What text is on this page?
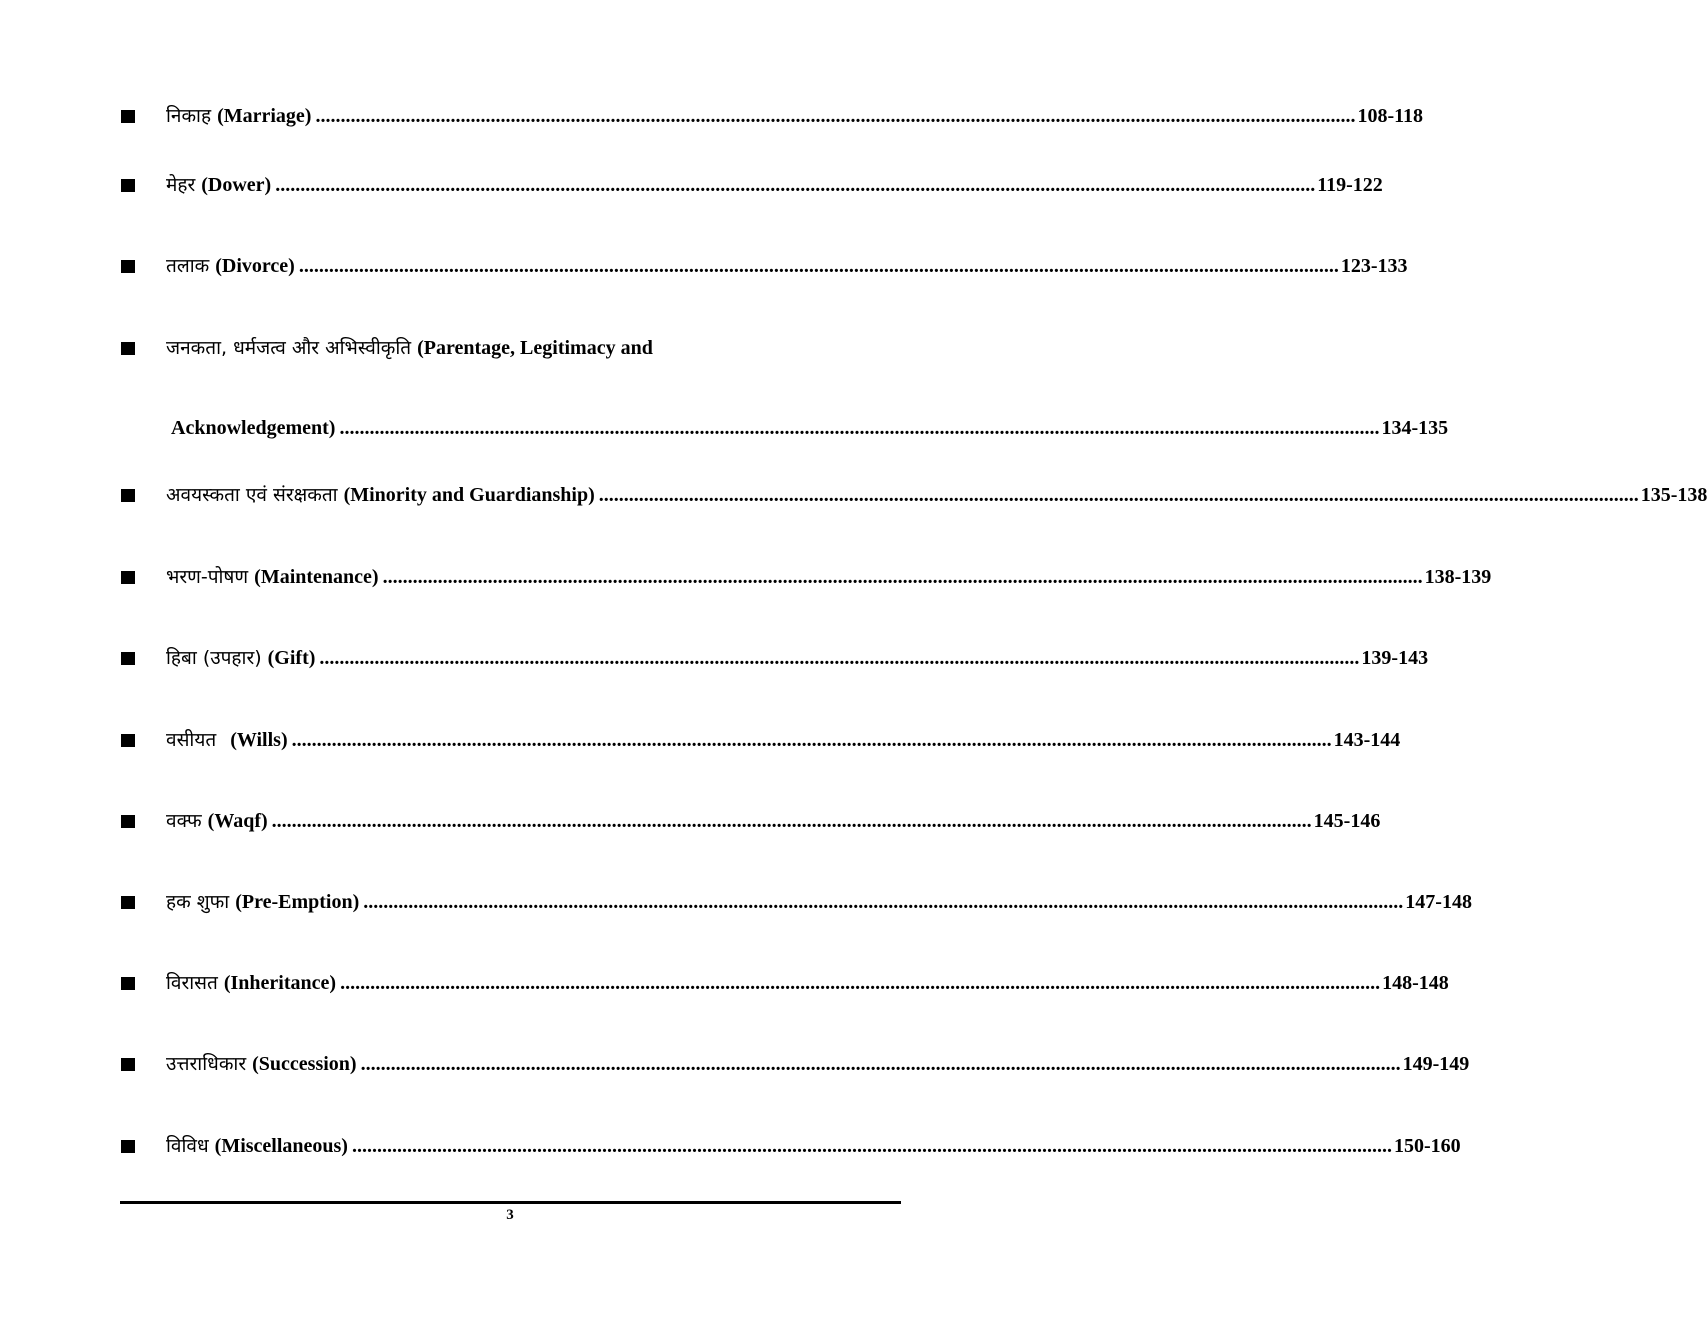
निकाह (Marriage) ................................................................................................................................................................................................................ 108-118
मेहर (Dower) ................................................................................................................................................................................................................ 119-122
तलाक (Divorce) ................................................................................................................................................................................................................ 123-133
जनकता, धर्मजत्व और अभिस्वीकृति (Parentage, Legitimacy and
Acknowledgement) ................................................................................................................................................................................................................ 134-135
अवयस्कता एवं संरक्षकता (Minority and Guardianship) ................................................................................................................................................................................................................ 135-138
भरण-पोषण (Maintenance) ................................................................................................................................................................................................................ 138-139
हिबा (उपहार) (Gift) ................................................................................................................................................................................................................ 139-143
वसीयत (Wills) ................................................................................................................................................................................................................ 143-144
वक्फ (Waqf) ................................................................................................................................................................................................................ 145-146
हक शुफा (Pre-Emption) ................................................................................................................................................................................................................ 147-148
विरासत (Inheritance) ................................................................................................................................................................................................................ 148-148
उत्तराधिकार (Succession) ................................................................................................................................................................................................................ 149-149
विविध (Miscellaneous) ................................................................................................................................................................................................................ 150-160
3
